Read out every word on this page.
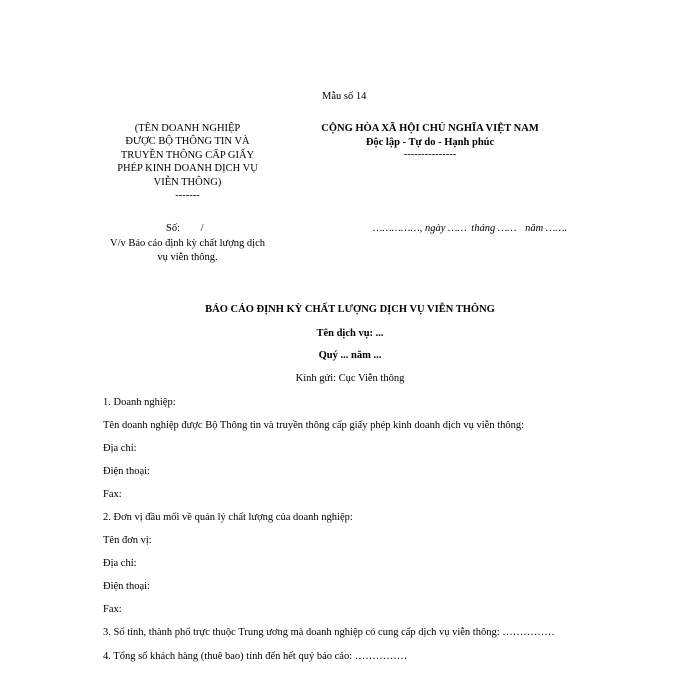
Mẫu số 14
(TÊN DOANH NGHIỆP
ĐƯỢC BỘ THÔNG TIN VÀ
TRUYỀN THÔNG CẤP GIẤY
PHÉP KINH DOANH DỊCH VỤ
VIỄN THÔNG)
-------
CỘNG HÒA XÃ HỘI CHỦ NGHĨA VIỆT NAM
Độc lập - Tự do - Hạnh phúc
---------------
Số: /
V/v Báo cáo định kỳ chất lượng dịch
vụ viễn thông.
……………, ngày …… tháng …… năm …….
BÁO CÁO ĐỊNH KỲ CHẤT LƯỢNG DỊCH VỤ VIỄN THÔNG
Tên dịch vụ: ...
Quý ... năm ...
Kính gửi: Cục Viễn thông
1. Doanh nghiệp:
Tên doanh nghiệp được Bộ Thông tin và truyền thông cấp giấy phép kinh doanh dịch vụ viễn thông:
Địa chỉ:
Điện thoại:
Fax:
2. Đơn vị đầu mối về quản lý chất lượng của doanh nghiệp:
Tên đơn vị:
Địa chỉ:
Điện thoại:
Fax:
3. Số tỉnh, thành phố trực thuộc Trung ương mà doanh nghiệp có cung cấp dịch vụ viễn thông: ……………
4. Tổng số khách hàng (thuê bao) tính đến hết quý báo cáo: ……………
